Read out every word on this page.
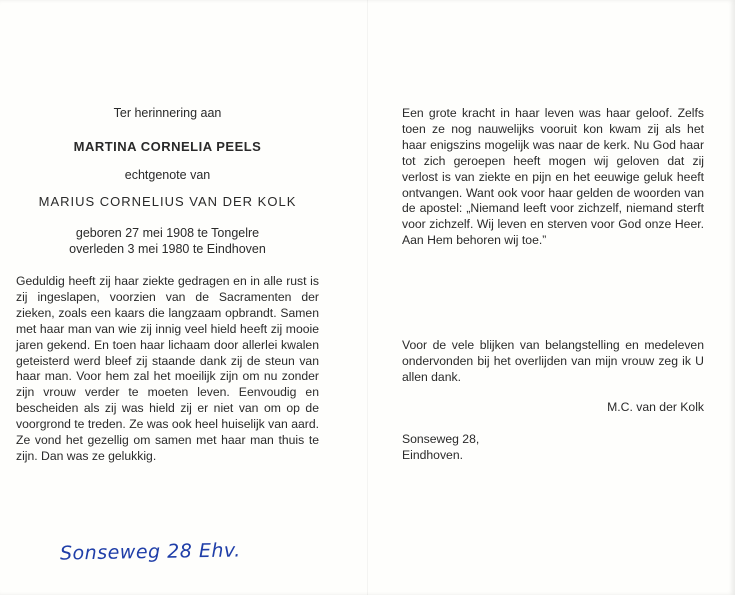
Ter herinnering aan
MARTINA CORNELIA PEELS
echtgenote van
MARIUS CORNELIUS VAN DER KOLK
geboren 27 mei 1908 te Tongelre
overleden 3 mei 1980 te Eindhoven

Geduldig heeft zij haar ziekte gedragen en in alle rust is zij ingeslapen, voorzien van de Sacramenten der zieken, zoals een kaars die langzaam opbrandt. Samen met haar man van wie zij innig veel hield heeft zij mooie jaren gekend. En toen haar lichaam door allerlei kwalen geteisterd werd bleef zij staande dank zij de steun van haar man. Voor hem zal het moeilijk zijn om nu zonder zijn vrouw verder te moeten leven. Eenvoudig en bescheiden als zij was hield zij er niet van om op de voorgrond te treden. Ze was ook heel huiselijk van aard. Ze vond het gezellig om samen met haar man thuis te zijn. Dan was ze gelukkig.

Een grote kracht in haar leven was haar geloof. Zelfs toen ze nog nauwelijks vooruit kon kwam zij als het haar enigszins mogelijk was naar de kerk. Nu God haar tot zich geroepen heeft mogen wij geloven dat zij verlost is van ziekte en pijn en het eeuwige geluk heeft ontvangen. Want ook voor haar gelden de woorden van de apostel: „Niemand leeft voor zichzelf, niemand sterft voor zichzelf. Wij leven en sterven voor God onze Heer. Aan Hem behoren wij toe.”

Voor de vele blijken van belangstelling en medeleven ondervonden bij het overlijden van mijn vrouw zeg ik U allen dank.

M.C. van der Kolk
Sonseweg 28,
Eindhoven.
Sonseweg 28 Ehv.
